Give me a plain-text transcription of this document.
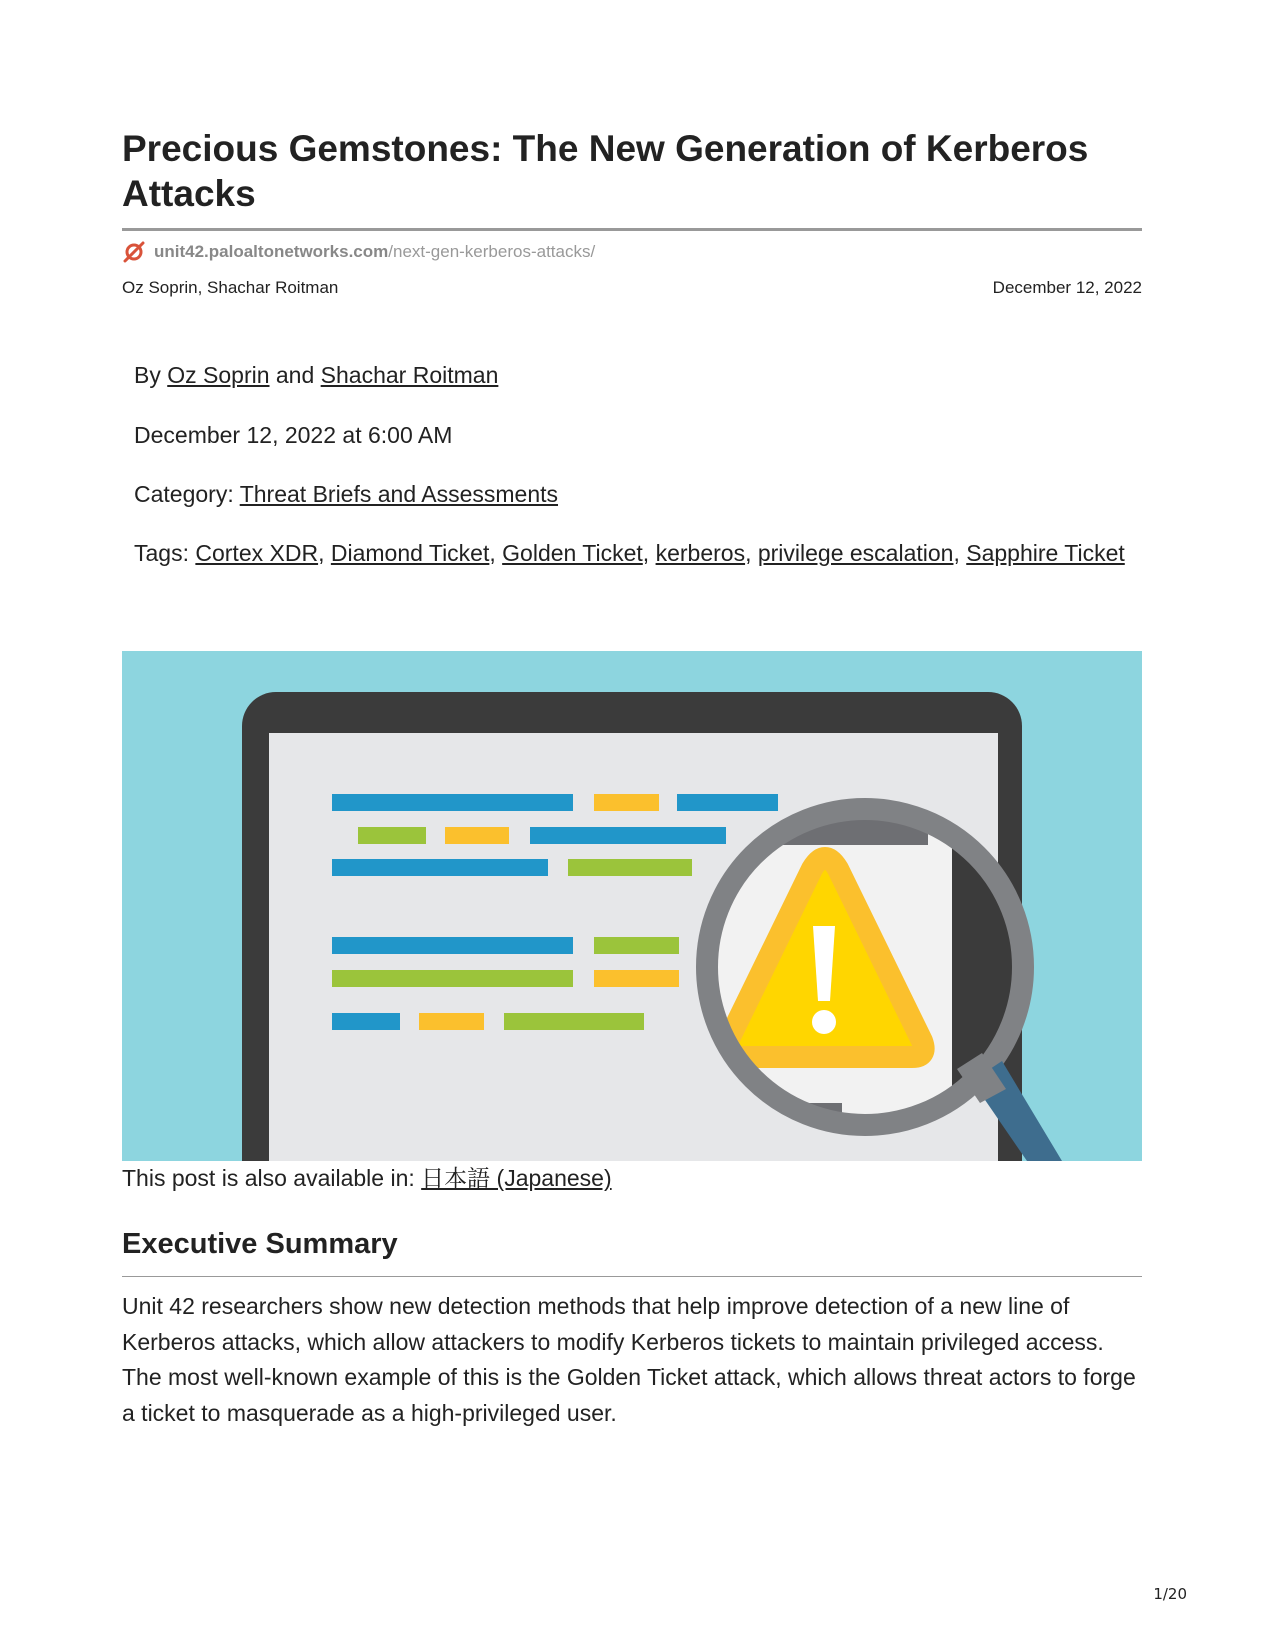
Precious Gemstones: The New Generation of Kerberos Attacks
unit42.paloaltonetworks.com /next-gen-kerberos-attacks/
Oz Soprin, Shachar Roitman	December 12, 2022
By Oz Soprin and Shachar Roitman
December 12, 2022 at 6:00 AM
Category: Threat Briefs and Assessments
Tags: Cortex XDR, Diamond Ticket, Golden Ticket, kerberos, privilege escalation, Sapphire Ticket
This post is also available in: 日本語 (Japanese)
Executive Summary

Unit 42 researchers show new detection methods that help improve detection of a new line of Kerberos attacks, which allow attackers to modify Kerberos tickets to maintain privileged access. The most well-known example of this is the Golden Ticket attack, which allows threat actors to forge a ticket to masquerade as a high-privileged user.

1/20
